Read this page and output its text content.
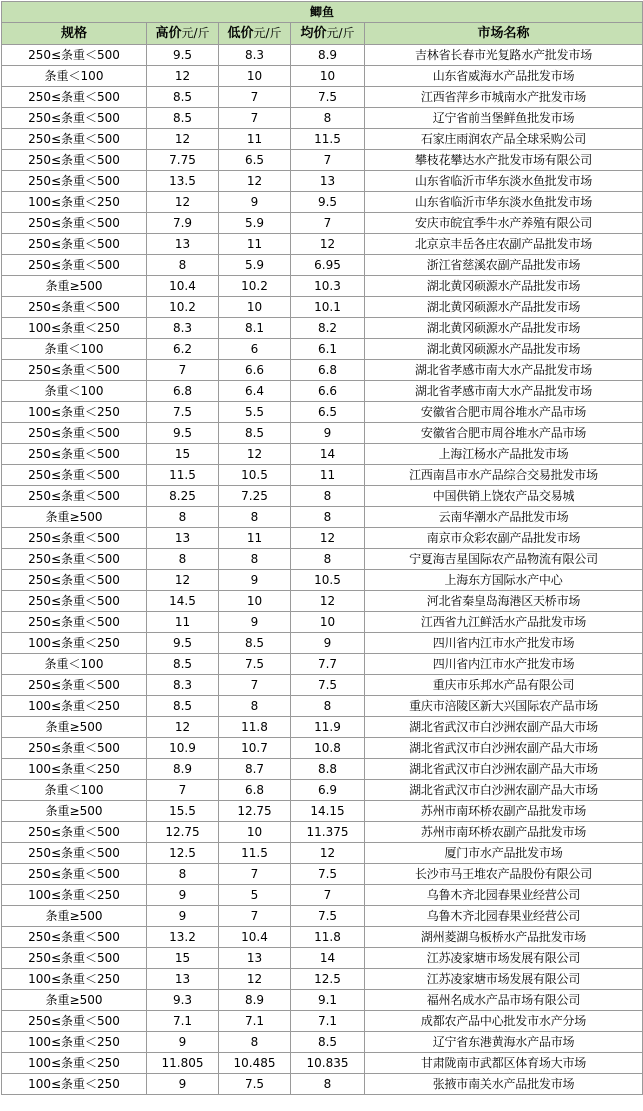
鲫鱼				
规格	高价元/斤	低价元/斤	均价元/斤	市场名称
250≤条重＜500	9.5	8.3	8.9	吉林省长春市光复路水产批发市场
条重＜100	12	10	10	山东省威海水产品批发市场
250≤条重＜500	8.5	7	7.5	江西省萍乡市城南水产批发市场
250≤条重＜500	8.5	7	8	辽宁省前当堡鲜鱼批发市场
250≤条重＜500	12	11	11.5	石家庄雨润农产品全球采购公司
250≤条重＜500	7.75	6.5	7	攀枝花攀达水产批发市场有限公司
250≤条重＜500	13.5	12	13	山东省临沂市华东淡水鱼批发市场
100≤条重＜250	12	9	9.5	山东省临沂市华东淡水鱼批发市场
250≤条重＜500	7.9	5.9	7	安庆市皖宜季牛水产养殖有限公司
250≤条重＜500	13	11	12	北京京丰岳各庄农副产品批发市场
250≤条重＜500	8	5.9	6.95	浙江省慈溪农副产品批发市场
条重≥500	10.4	10.2	10.3	湖北黄冈硕源水产品批发市场
250≤条重＜500	10.2	10	10.1	湖北黄冈硕源水产品批发市场
100≤条重＜250	8.3	8.1	8.2	湖北黄冈硕源水产品批发市场
条重＜100	6.2	6	6.1	湖北黄冈硕源水产品批发市场
250≤条重＜500	7	6.6	6.8	湖北省孝感市南大水产品批发市场
条重＜100	6.8	6.4	6.6	湖北省孝感市南大水产品批发市场
100≤条重＜250	7.5	5.5	6.5	安徽省合肥市周谷堆水产品市场
250≤条重＜500	9.5	8.5	9	安徽省合肥市周谷堆水产品市场
250≤条重＜500	15	12	14	上海江杨水产品批发市场
250≤条重＜500	11.5	10.5	11	江西南昌市水产品综合交易批发市场
250≤条重＜500	8.25	7.25	8	中国供销上饶农产品交易城
条重≥500	8	8	8	云南华潮水产品批发市场
250≤条重＜500	13	11	12	南京市众彩农副产品批发市场
250≤条重＜500	8	8	8	宁夏海吉星国际农产品物流有限公司
250≤条重＜500	12	9	10.5	上海东方国际水产中心
250≤条重＜500	14.5	10	12	河北省秦皇岛海港区天桥市场
250≤条重＜500	11	9	10	江西省九江鲜活水产品批发市场
100≤条重＜250	9.5	8.5	9	四川省内江市水产批发市场
条重＜100	8.5	7.5	7.7	四川省内江市水产批发市场
250≤条重＜500	8.3	7	7.5	重庆市乐邦水产品有限公司
100≤条重＜250	8.5	8	8	重庆市涪陵区新大兴国际农产品市场
条重≥500	12	11.8	11.9	湖北省武汉市白沙洲农副产品大市场
250≤条重＜500	10.9	10.7	10.8	湖北省武汉市白沙洲农副产品大市场
100≤条重＜250	8.9	8.7	8.8	湖北省武汉市白沙洲农副产品大市场
条重＜100	7	6.8	6.9	湖北省武汉市白沙洲农副产品大市场
条重≥500	15.5	12.75	14.15	苏州市南环桥农副产品批发市场
250≤条重＜500	12.75	10	11.375	苏州市南环桥农副产品批发市场
250≤条重＜500	12.5	11.5	12	厦门市水产品批发市场
250≤条重＜500	8	7	7.5	长沙市马王堆农产品股份有限公司
100≤条重＜250	9	5	7	乌鲁木齐北园春果业经营公司
条重≥500	9	7	7.5	乌鲁木齐北园春果业经营公司
250≤条重＜500	13.2	10.4	11.8	湖州菱湖乌板桥水产品批发市场
250≤条重＜500	15	13	14	江苏凌家塘市场发展有限公司
100≤条重＜250	13	12	12.5	江苏凌家塘市场发展有限公司
条重≥500	9.3	8.9	9.1	福州名成水产品市场有限公司
250≤条重＜500	7.1	7.1	7.1	成都农产品中心批发市水产分场
100≤条重＜250	9	8	8.5	辽宁省东港黄海水产品市场
100≤条重＜250	11.805	10.485	10.835	甘肃陇南市武都区体育场大市场
100≤条重＜250	9	7.5	8	张掖市南关水产品批发市场
